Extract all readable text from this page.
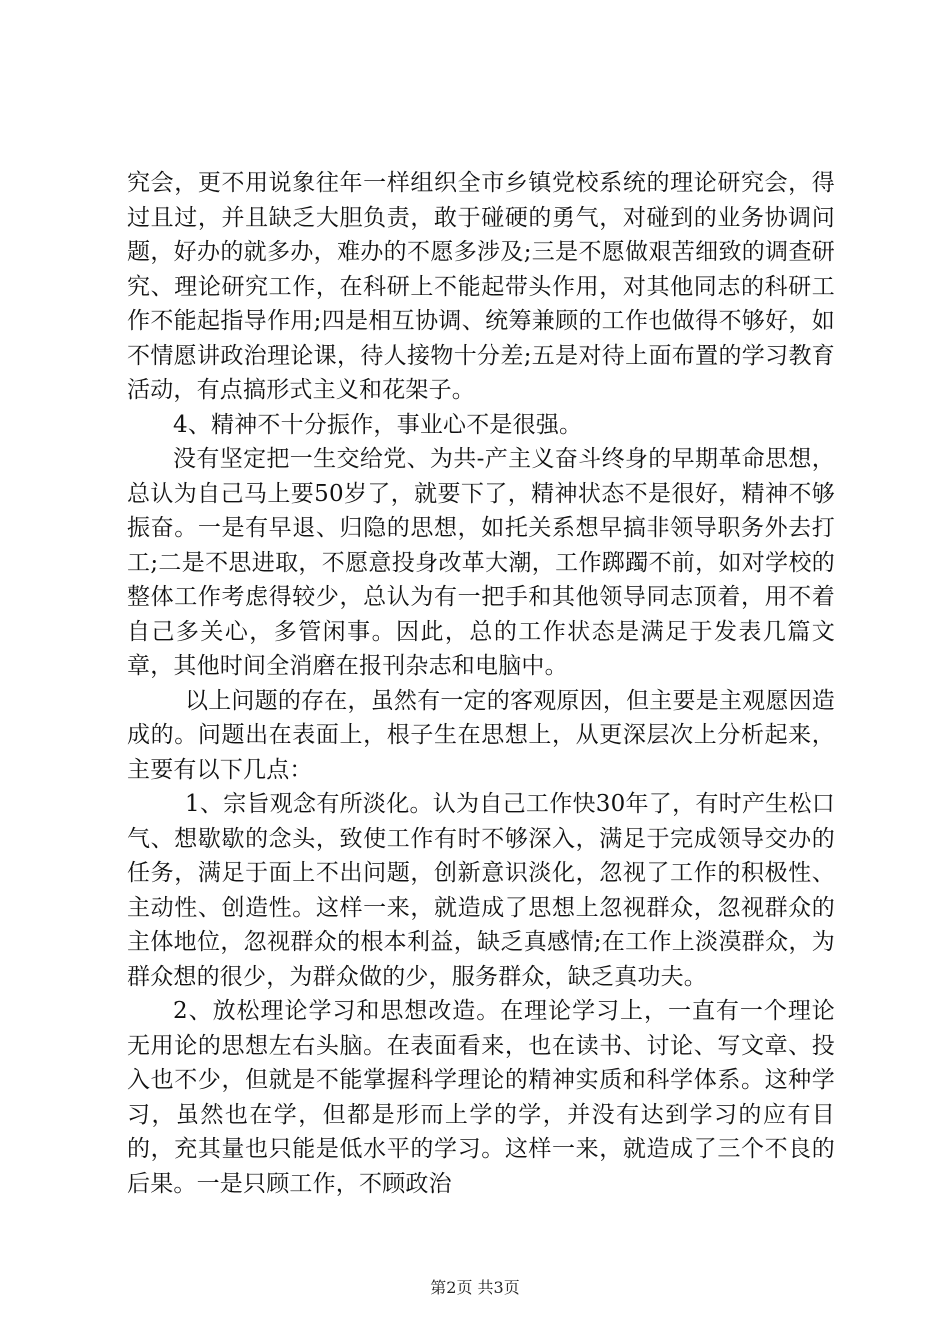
究会，更不用说象往年一样组织全市乡镇党校系统的理论研究会，得过且过，并且缺乏大胆负责，敢于碰硬的勇气，对碰到的业务协调问题，好办的就多办，难办的不愿多涉及;三是不愿做艰苦细致的调查研究、理论研究工作，在科研上不能起带头作用，对其他同志的科研工作不能起指导作用;四是相互协调、统筹兼顾的工作也做得不够好，如不情愿讲政治理论课，待人接物十分差;五是对待上面布置的学习教育活动，有点搞形式主义和花架子。

4、精神不十分振作，事业心不是很强。

没有坚定把一生交给党、为共-产主义奋斗终身的早期革命思想，总认为自己马上要50岁了，就要下了，精神状态不是很好，精神不够振奋。一是有早退、归隐的思想，如托关系想早搞非领导职务外去打工;二是不思进取，不愿意投身改革大潮，工作踯躅不前，如对学校的整体工作考虑得较少，总认为有一把手和其他领导同志顶着，用不着自己多关心，多管闲事。因此，总的工作状态是满足于发表几篇文章，其他时间全消磨在报刊杂志和电脑中。

以上问题的存在，虽然有一定的客观原因，但主要是主观愿因造成的。问题出在表面上，根子生在思想上，从更深层次上分析起来，主要有以下几点：

1、宗旨观念有所淡化。认为自己工作快30年了，有时产生松口气、想歇歇的念头，致使工作有时不够深入，满足于完成领导交办的任务，满足于面上不出问题，创新意识淡化，忽视了工作的积极性、主动性、创造性。这样一来，就造成了思想上忽视群众，忽视群众的主体地位，忽视群众的根本利益，缺乏真感情;在工作上淡漠群众，为群众想的很少，为群众做的少，服务群众，缺乏真功夫。

2、放松理论学习和思想改造。在理论学习上，一直有一个理论无用论的思想左右头脑。在表面看来，也在读书、讨论、写文章、投入也不少，但就是不能掌握科学理论的精神实质和科学体系。这种学习，虽然也在学，但都是形而上学的学，并没有达到学习的应有目的，充其量也只能是低水平的学习。这样一来，就造成了三个不良的后果。一是只顾工作，不顾政治

第2页 共3页
